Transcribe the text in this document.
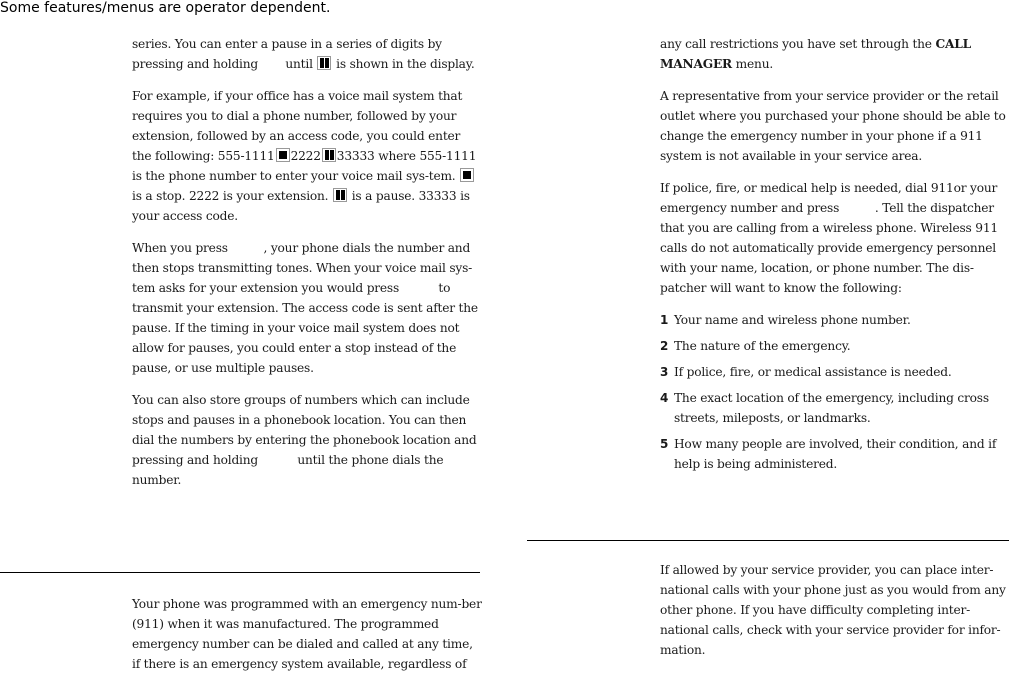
Some features/menus are operator dependent.

series. You can enter a pause in a series of digits by pressing and holding until is shown in the display.

For example, if your office has a voice mail system that requires you to dial a phone number, followed by your extension, followed by an access code, you could enter the following: 555-1111 2222 33333 where 555-1111 is the phone number to enter your voice mail sys-tem.  is a stop. 2222 is your extension. is a pause. 33333 is your access code.

When you press	, your phone dials the number and then stops transmitting tones. When your voice mail sys-tem asks for your extension you would press	to transmit your extension. The access code is sent after the pause. If the timing in your voice mail system does not allow for pauses, you could enter a stop instead of the pause, or use multiple pauses.

You can also store groups of numbers which can include stops and pauses in a phonebook location. You can then dial the numbers by entering the phonebook location and pressing and holding	until the phone dials the number.

Your phone was programmed with an emergency num-ber (911) when it was manufactured. The programmed emergency number can be dialed and called at any time, if there is an emergency system available, regardless of

any call restrictions you have set through the CALL MANAGER menu.

A representative from your service provider or the retail outlet where you purchased your phone should be able to change the emergency number in your phone if a 911 system is not available in your service area.

If police, fire, or medical help is needed, dial 911or your emergency number and press	. Tell the dispatcher that you are calling from a wireless phone. Wireless 911 calls do not automatically provide emergency personnel with your name, location, or phone number. The dis-patcher will want to know the following:

1 Your name and wireless phone number.
2 The nature of the emergency.
3 If police, fire, or medical assistance is needed.
4 The exact location of the emergency, including cross streets, mileposts, or landmarks.
5 How many people are involved, their condition, and if help is being administered.

If allowed by your service provider, you can place inter-national calls with your phone just as you would from any other phone. If you have difficulty completing inter-national calls, check with your service provider for infor-mation.
